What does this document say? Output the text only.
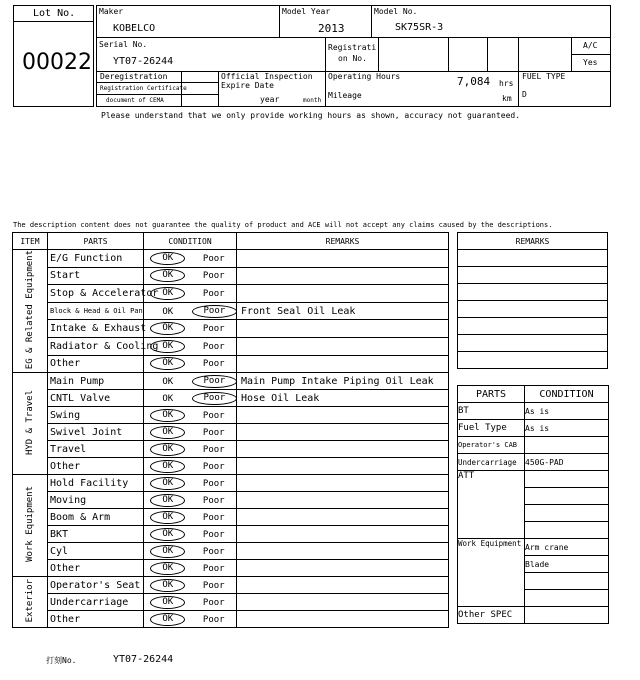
Lot No.
00022
Maker
KOBELCO
Model Year
2013
Model No.
SK75SR-3
Serial No.
YT07-26244
Registrati
on No.
A/C
Yes
Deregistration
Registration Certificate
document of CEMA
Official Inspection
Expire Date
year	month
Operating Hours	7,084 hrs
Mileage	km
FUEL TYPE
D
Please understand that we only provide working hours as shown, accuracy not guaranteed.
The description content does not guarantee the quality of product and ACE will not accept any claims caused by the descriptions.
ITEM	PARTS	CONDITION		REMARKS
EG & Related Equipment	E/G Function	OK	Poor	
	Start	OK	Poor	
	Stop & Accelerator	OK	Poor	
	Block & Head & Oil Pan	OK	Poor	Front Seal Oil Leak
	Intake & Exhaust	OK	Poor	
	Radiator & Cooling	OK	Poor	
	Other	OK	Poor	
HYD & Travel	Main Pump	OK	Poor	Main Pump Intake Piping Oil Leak
	CNTL Valve	OK	Poor	Hose Oil Leak
	Swing	OK	Poor	
	Swivel Joint	OK	Poor	
	Travel	OK	Poor	
	Other	OK	Poor	
Work Equipment	Hold Facility	OK	Poor	
	Moving	OK	Poor	
	Boom & Arm	OK	Poor	
	BKT	OK	Poor	
	Cyl	OK	Poor	
	Other	OK	Poor	
Exterior	Operator's Seat	OK	Poor	
	Undercarriage	OK	Poor	
	Other	OK	Poor	
REMARKS

PARTS	CONDITION
BT	As is
Fuel Type	As is
Operator's CAB	
Undercarriage	450G-PAD
ATT	

Work Equipment	Arm crane
	Blade

Other SPEC	
打刻No.	YT07-26244
